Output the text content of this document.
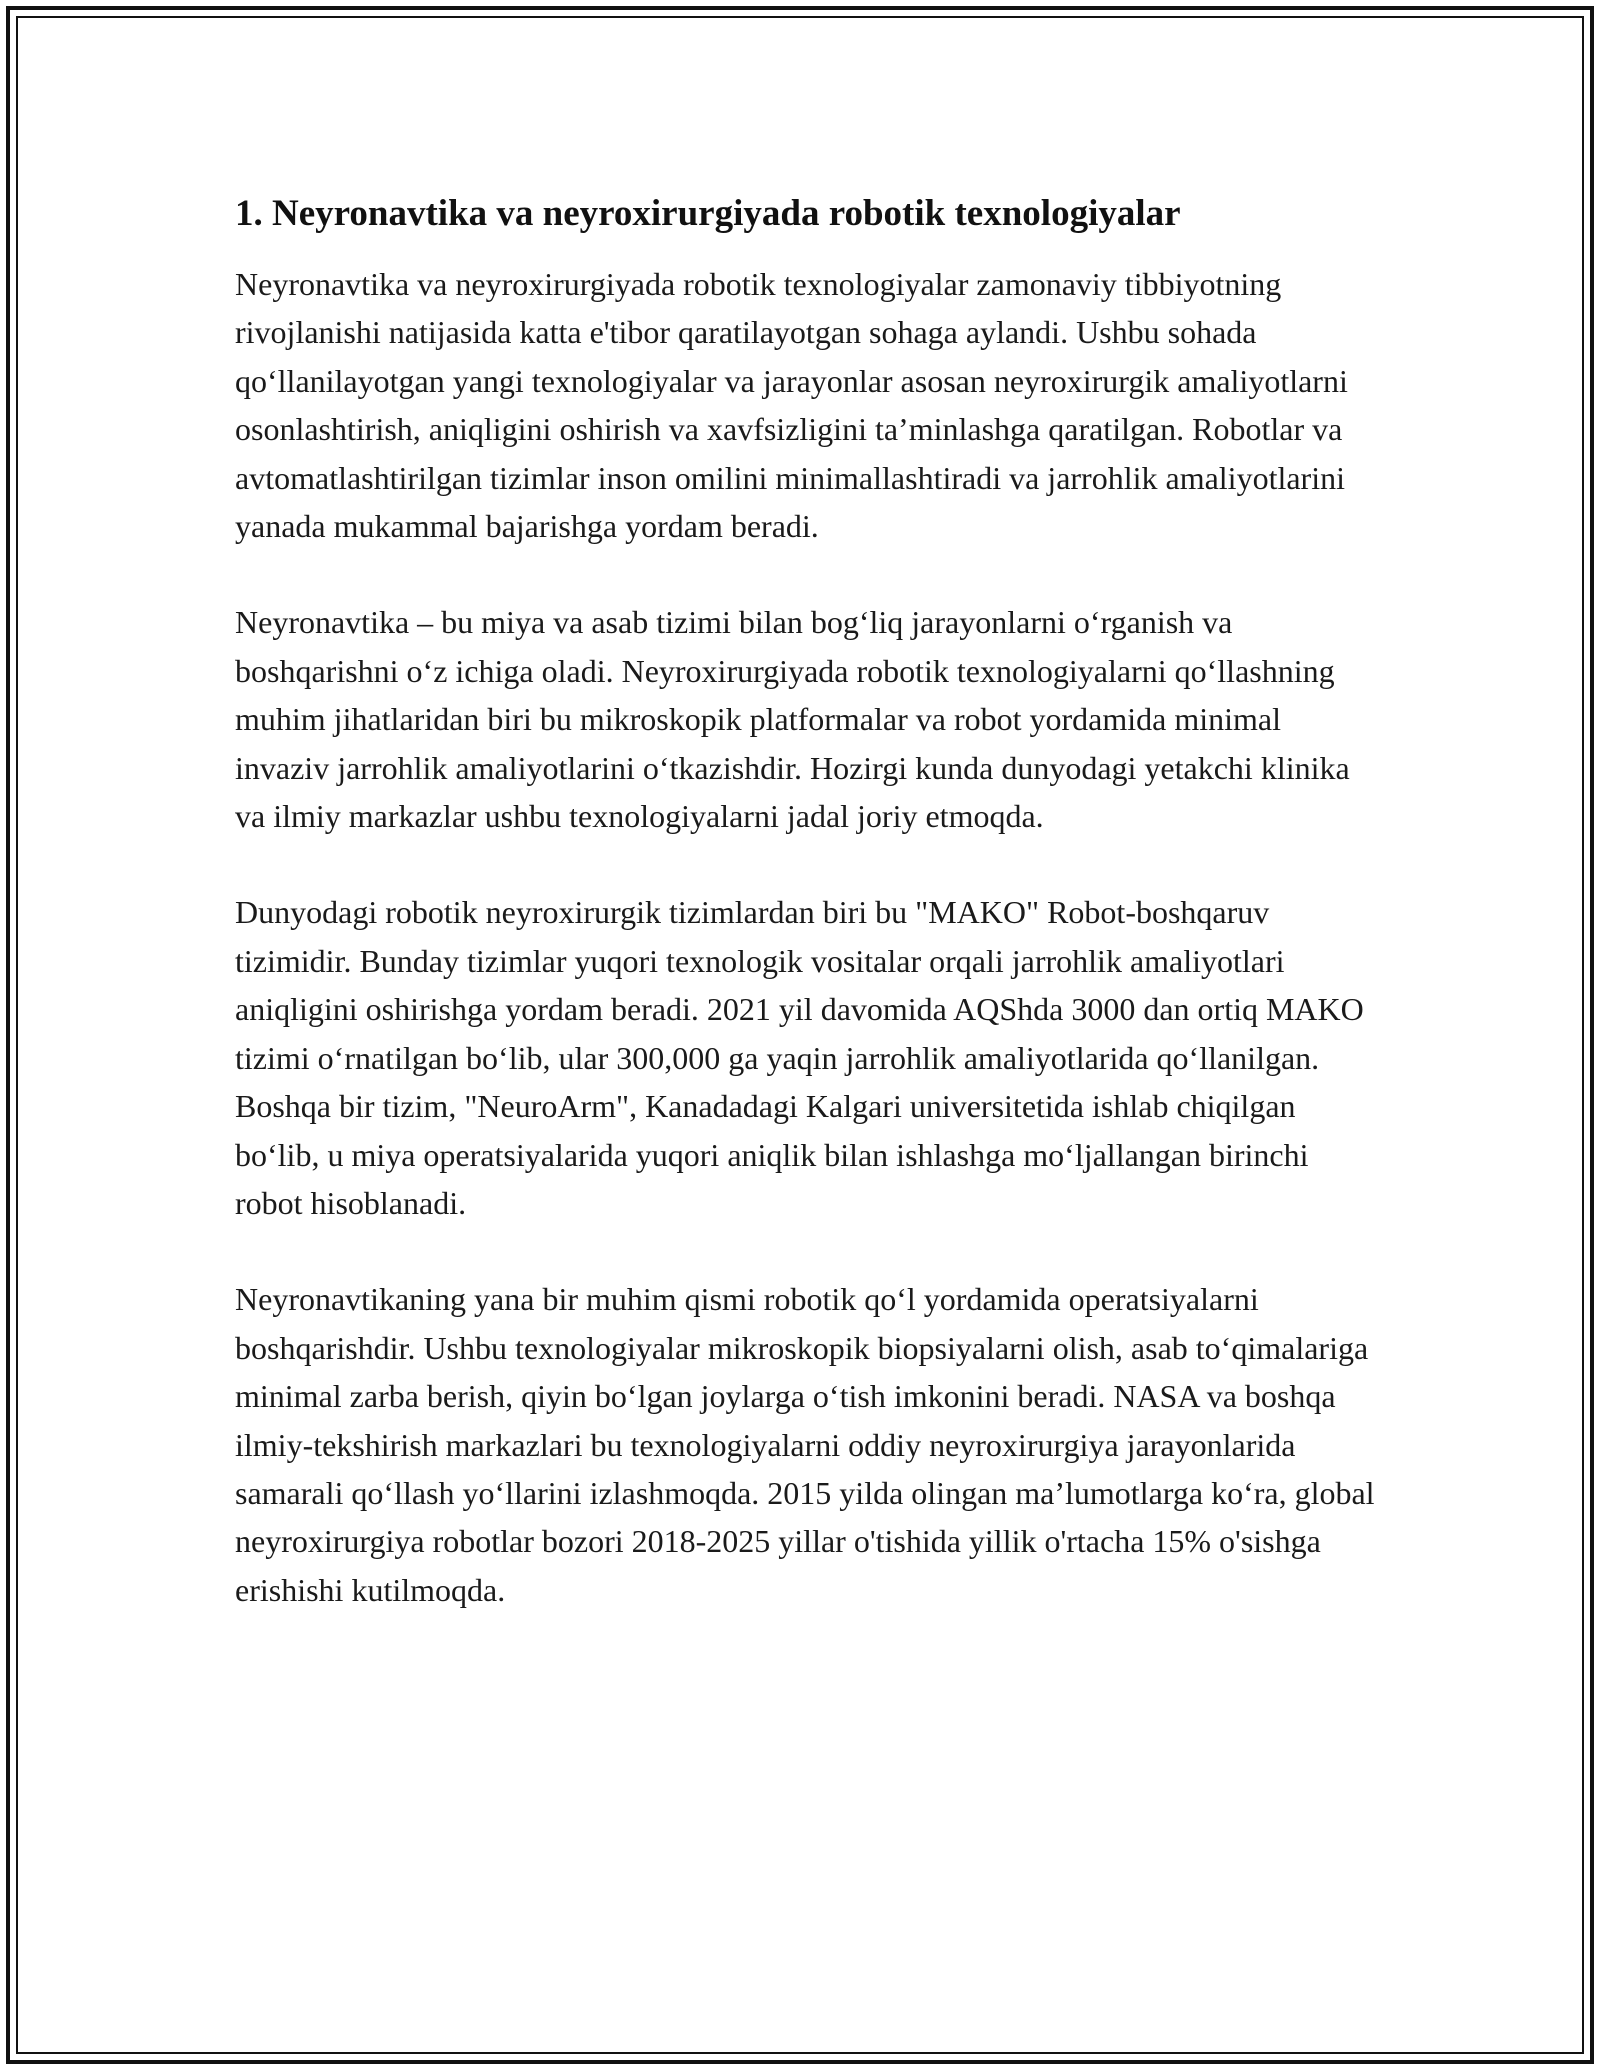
1. Neyronavtika va neyroxirurgiyada robotik texnologiyalar

Neyronavtika va neyroxirurgiyada robotik texnologiyalar zamonaviy tibbiyotning rivojlanishi natijasida katta e'tibor qaratilayotgan sohaga aylandi. Ushbu sohada qo‘llanilayotgan yangi texnologiyalar va jarayonlar asosan neyroxirurgik amaliyotlarni osonlashtirish, aniqligini oshirish va xavfsizligini ta’minlashga qaratilgan. Robotlar va avtomatlashtirilgan tizimlar inson omilini minimallashtiradi va jarrohlik amaliyotlarini yanada mukammal bajarishga yordam beradi.

Neyronavtika – bu miya va asab tizimi bilan bog‘liq jarayonlarni o‘rganish va boshqarishni o‘z ichiga oladi. Neyroxirurgiyada robotik texnologiyalarni qo‘llashning muhim jihatlaridan biri bu mikroskopik platformalar va robot yordamida minimal invaziv jarrohlik amaliyotlarini o‘tkazishdir. Hozirgi kunda dunyodagi yetakchi klinika va ilmiy markazlar ushbu texnologiyalarni jadal joriy etmoqda.

Dunyodagi robotik neyroxirurgik tizimlardan biri bu "MAKO" Robot-boshqaruv tizimidir. Bunday tizimlar yuqori texnologik vositalar orqali jarrohlik amaliyotlari aniqligini oshirishga yordam beradi. 2021 yil davomida AQShda 3000 dan ortiq MAKO tizimi o‘rnatilgan bo‘lib, ular 300,000 ga yaqin jarrohlik amaliyotlarida qo‘llanilgan. Boshqa bir tizim, "NeuroArm", Kanadadagi Kalgari universitetida ishlab chiqilgan bo‘lib, u miya operatsiyalarida yuqori aniqlik bilan ishlashga mo‘ljallangan birinchi robot hisoblanadi.

Neyronavtikaning yana bir muhim qismi robotik qo‘l yordamida operatsiyalarni boshqarishdir. Ushbu texnologiyalar mikroskopik biopsiyalarni olish, asab to‘qimalariga minimal zarba berish, qiyin bo‘lgan joylarga o‘tish imkonini beradi. NASA va boshqa ilmiy-tekshirish markazlari bu texnologiyalarni oddiy neyroxirurgiya jarayonlarida samarali qo‘llash yo‘llarini izlashmoqda. 2015 yilda olingan ma’lumotlarga ko‘ra, global neyroxirurgiya robotlar bozori 2018-2025 yillar o'tishida yillik o'rtacha 15% o'sishga erishishi kutilmoqda.
